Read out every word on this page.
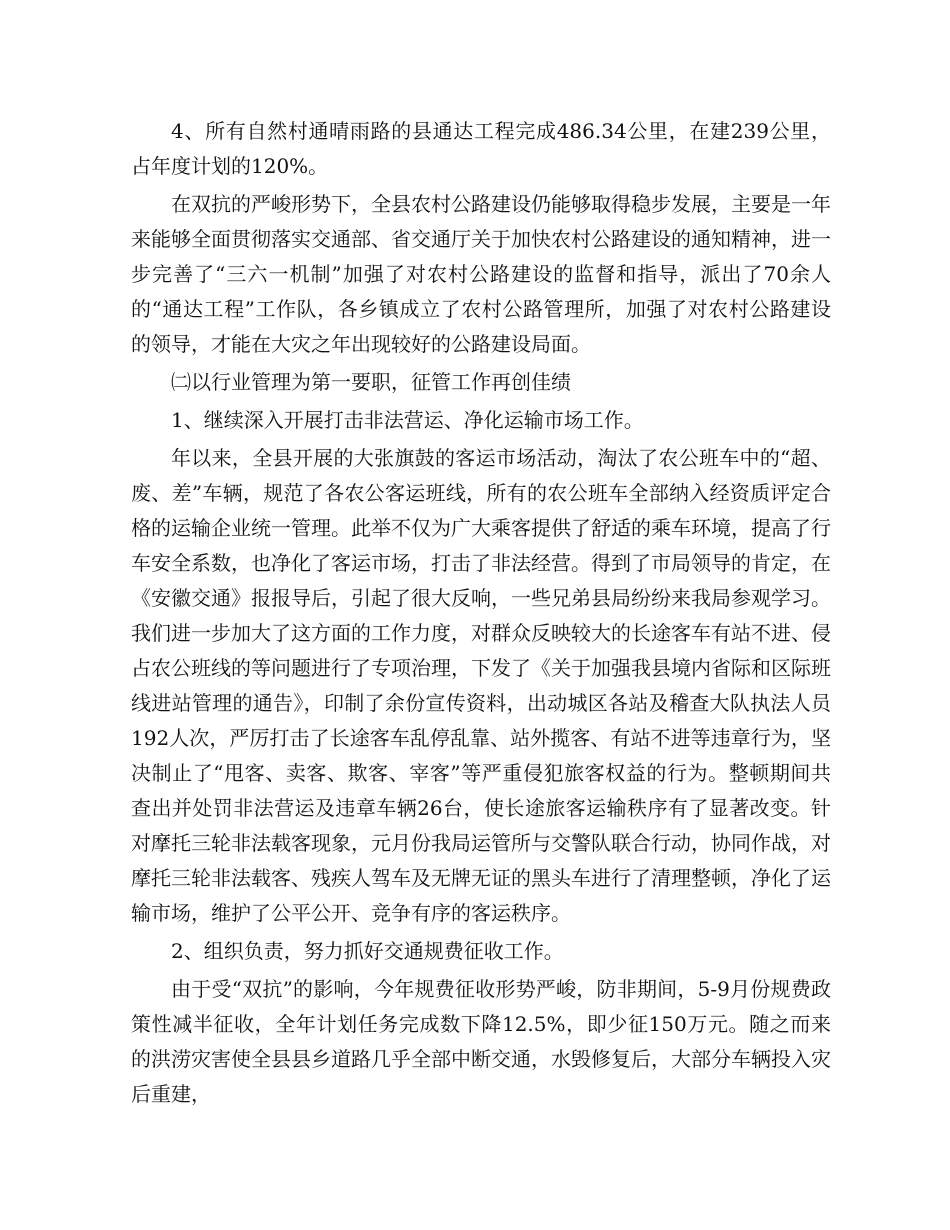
4、所有自然村通晴雨路的县通达工程完成486.34公里，在建239公里，占年度计划的120%。

在双抗的严峻形势下，全县农村公路建设仍能够取得稳步发展，主要是一年来能够全面贯彻落实交通部、省交通厅关于加快农村公路建设的通知精神，进一步完善了“三六一机制”加强了对农村公路建设的监督和指导，派出了70余人的“通达工程”工作队，各乡镇成立了农村公路管理所，加强了对农村公路建设的领导，才能在大灾之年出现较好的公路建设局面。

㈡以行业管理为第一要职，征管工作再创佳绩

1、继续深入开展打击非法营运、净化运输市场工作。

年以来，全县开展的大张旗鼓的客运市场活动，淘汰了农公班车中的“超、废、差”车辆，规范了各农公客运班线，所有的农公班车全部纳入经资质评定合格的运输企业统一管理。此举不仅为广大乘客提供了舒适的乘车环境，提高了行车安全系数，也净化了客运市场，打击了非法经营。得到了市局领导的肯定，在《安徽交通》报报导后，引起了很大反响，一些兄弟县局纷纷来我局参观学习。我们进一步加大了这方面的工作力度，对群众反映较大的长途客车有站不进、侵占农公班线的等问题进行了专项治理，下发了《关于加强我县境内省际和区际班线进站管理的通告》，印制了余份宣传资料，出动城区各站及稽查大队执法人员192人次，严厉打击了长途客车乱停乱靠、站外揽客、有站不进等违章行为，坚决制止了“甩客、卖客、欺客、宰客”等严重侵犯旅客权益的行为。整顿期间共查出并处罚非法营运及违章车辆26台，使长途旅客运输秩序有了显著改变。针对摩托三轮非法载客现象，元月份我局运管所与交警队联合行动，协同作战，对摩托三轮非法载客、残疾人驾车及无牌无证的黑头车进行了清理整顿，净化了运输市场，维护了公平公开、竞争有序的客运秩序。

2、组织负责，努力抓好交通规费征收工作。

由于受“双抗”的影响，今年规费征收形势严峻，防非期间，5-9月份规费政策性减半征收，全年计划任务完成数下降12.5%，即少征150万元。随之而来的洪涝灾害使全县县乡道路几乎全部中断交通，水毁修复后，大部分车辆投入灾后重建，
